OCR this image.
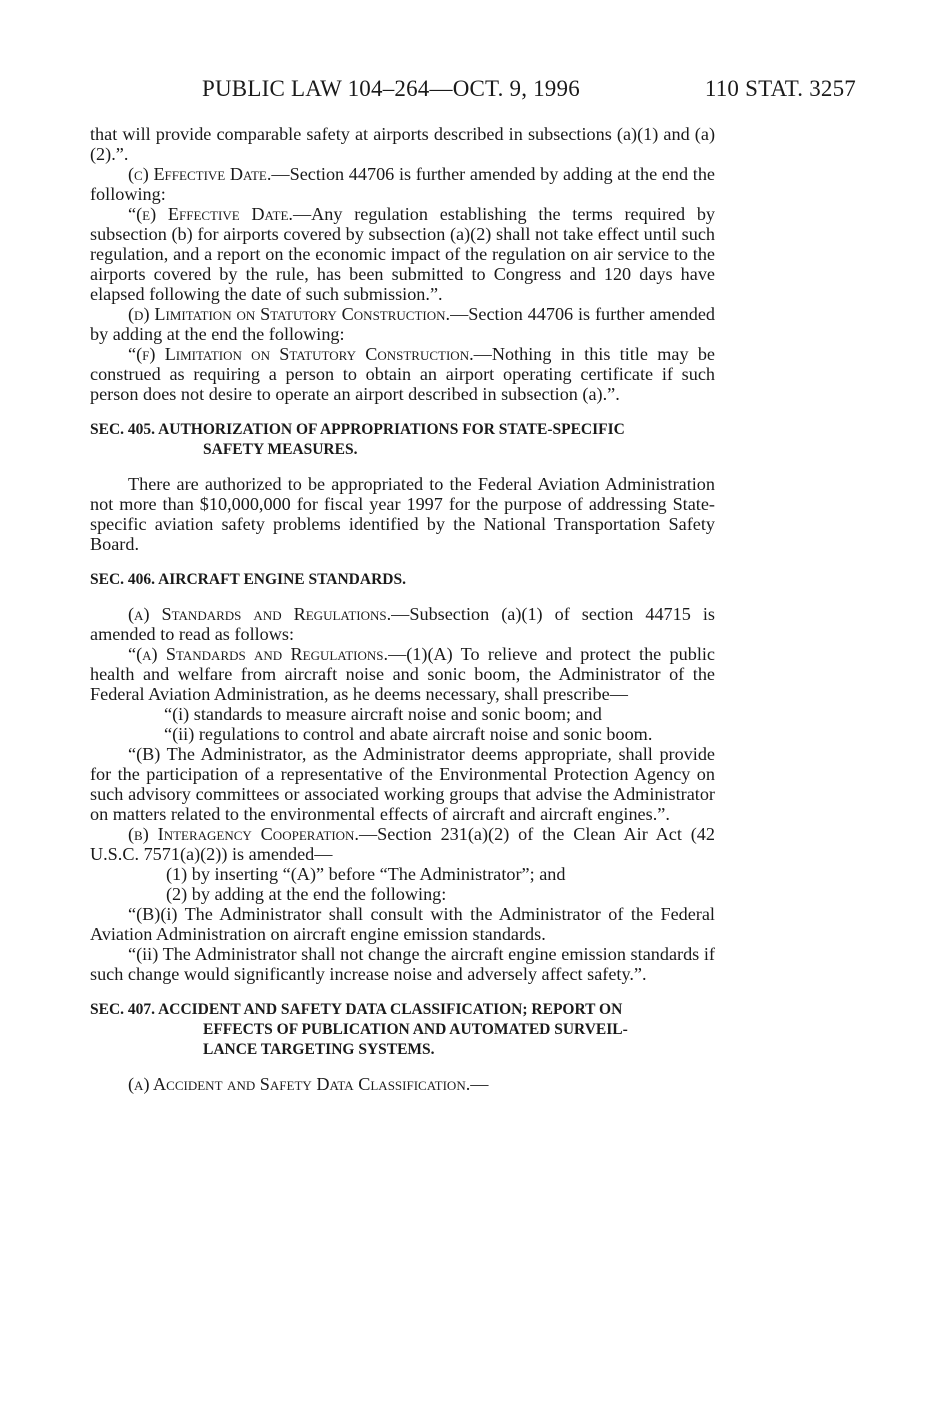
PUBLIC LAW 104–264—OCT. 9, 1996	110 STAT. 3257

that will provide comparable safety at airports described in subsections (a)(1) and (a)(2).”.

(c) Effective Date.—Section 44706 is further amended by adding at the end the following:

“(e) Effective Date.—Any regulation establishing the terms required by subsection (b) for airports covered by subsection (a)(2) shall not take effect until such regulation, and a report on the economic impact of the regulation on air service to the airports covered by the rule, has been submitted to Congress and 120 days have elapsed following the date of such submission.”.

(d) Limitation on Statutory Construction.—Section 44706 is further amended by adding at the end the following:

“(f) Limitation on Statutory Construction.—Nothing in this title may be construed as requiring a person to obtain an airport operating certificate if such person does not desire to operate an airport described in subsection (a).”.

SEC. 405. AUTHORIZATION OF APPROPRIATIONS FOR STATE-SPECIFIC

SAFETY MEASURES.

There are authorized to be appropriated to the Federal Aviation Administration not more than $10,000,000 for fiscal year 1997 for the purpose of addressing State-specific aviation safety problems identified by the National Transportation Safety Board.

SEC. 406. AIRCRAFT ENGINE STANDARDS.

(a) Standards and Regulations.—Subsection (a)(1) of section 44715 is amended to read as follows:

“(a) Standards and Regulations.—(1)(A) To relieve and protect the public health and welfare from aircraft noise and sonic boom, the Administrator of the Federal Aviation Administration, as he deems necessary, shall prescribe—

“(i) standards to measure aircraft noise and sonic boom; and

“(ii) regulations to control and abate aircraft noise and sonic boom.

“(B) The Administrator, as the Administrator deems appropriate, shall provide for the participation of a representative of the Environmental Protection Agency on such advisory committees or associated working groups that advise the Administrator on matters related to the environmental effects of aircraft and aircraft engines.”.

(b) Interagency Cooperation.—Section 231(a)(2) of the Clean Air Act (42 U.S.C. 7571(a)(2)) is amended—

(1) by inserting “(A)” before “The Administrator”; and

(2) by adding at the end the following:

“(B)(i) The Administrator shall consult with the Administrator of the Federal Aviation Administration on aircraft engine emission standards.

“(ii) The Administrator shall not change the aircraft engine emission standards if such change would significantly increase noise and adversely affect safety.”.

SEC. 407. ACCIDENT AND SAFETY DATA CLASSIFICATION; REPORT ON

EFFECTS OF PUBLICATION AND AUTOMATED SURVEIL-

LANCE TARGETING SYSTEMS.

(a) Accident and Safety Data Classification.—
